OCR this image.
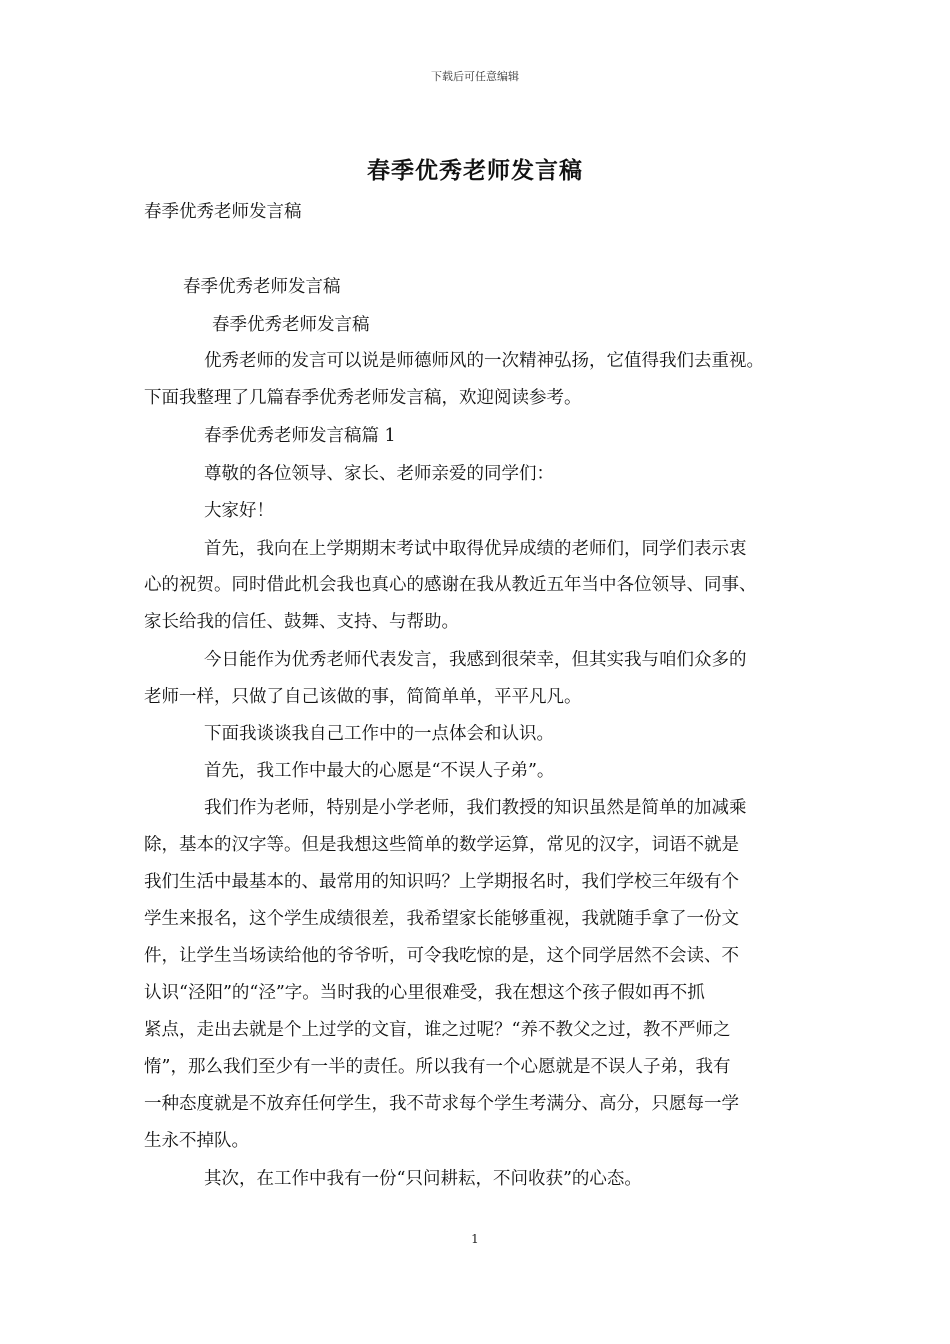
下载后可任意编辑
春季优秀老师发言稿
春季优秀老师发言稿
春季优秀老师发言稿
春季优秀老师发言稿
优秀老师的发言可以说是师德师风的一次精神弘扬，它值得我们去重视。
下面我整理了几篇春季优秀老师发言稿，欢迎阅读参考。
春季优秀老师发言稿篇 1
尊敬的各位领导、家长、老师亲爱的同学们：
大家好！
首先，我向在上学期期末考试中取得优异成绩的老师们，同学们表示衷
心的祝贺。同时借此机会我也真心的感谢在我从教近五年当中各位领导、同事、
家长给我的信任、鼓舞、支持、与帮助。
今日能作为优秀老师代表发言，我感到很荣幸，但其实我与咱们众多的
老师一样，只做了自己该做的事，简简单单，平平凡凡。
下面我谈谈我自己工作中的一点体会和认识。
首先，我工作中最大的心愿是“不误人子弟”。
我们作为老师，特别是小学老师，我们教授的知识虽然是简单的加减乘
除，基本的汉字等。但是我想这些简单的数学运算，常见的汉字，词语不就是
我们生活中最基本的、最常用的知识吗？上学期报名时，我们学校三年级有个
学生来报名，这个学生成绩很差，我希望家长能够重视，我就随手拿了一份文
件，让学生当场读给他的爷爷听，可令我吃惊的是，这个同学居然不会读、不
认识“泾阳”的“泾”字。当时我的心里很难受，我在想这个孩子假如再不抓
紧点，走出去就是个上过学的文盲，谁之过呢？“养不教父之过，教不严师之
惰”，那么我们至少有一半的责任。所以我有一个心愿就是不误人子弟，我有
一种态度就是不放弃任何学生，我不苛求每个学生考满分、高分，只愿每一学
生永不掉队。
其次，在工作中我有一份“只问耕耘，不问收获”的心态。
1
